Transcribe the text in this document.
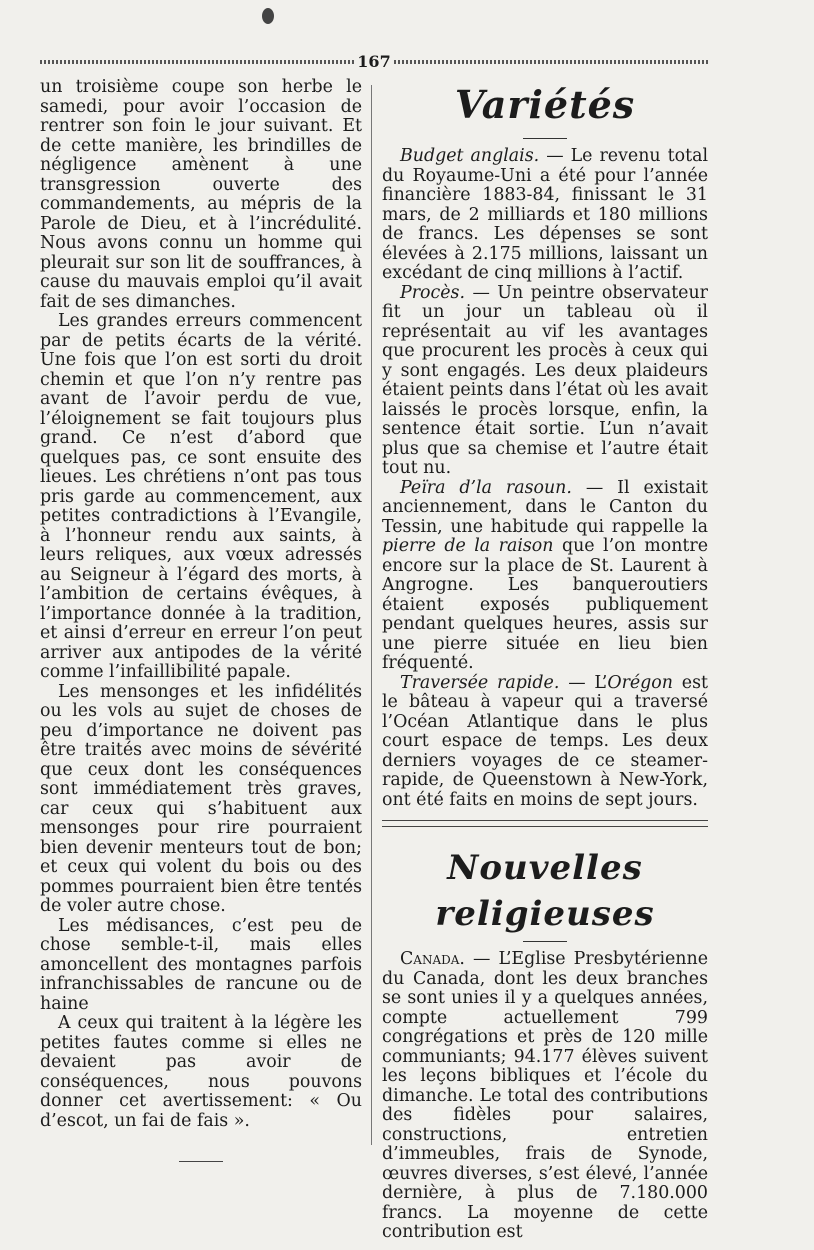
167

un troisième coupe son herbe le samedi, pour avoir l’occasion de rentrer son foin le jour suivant. Et de cette manière, les brindilles de négligence amènent à une transgression ouverte des commandements, au mépris de la Parole de Dieu, et à l’incrédulité. Nous avons connu un homme qui pleurait sur son lit de souffrances, à cause du mauvais emploi qu’il avait fait de ses dimanches.

Les grandes erreurs commencent par de petits écarts de la vérité. Une fois que l’on est sorti du droit chemin et que l’on n’y rentre pas avant de l’avoir perdu de vue, l’éloignement se fait toujours plus grand. Ce n’est d’abord que quelques pas, ce sont ensuite des lieues. Les chrétiens n’ont pas tous pris garde au commencement, aux petites contradictions à l’Evangile, à l’honneur rendu aux saints, à leurs reliques, aux vœux adressés au Seigneur à l’égard des morts, à l’ambition de certains évêques, à l’importance donnée à la tradition, et ainsi d’erreur en erreur l’on peut arriver aux antipodes de la vérité comme l’infaillibilité papale.

Les mensonges et les infidélités ou les vols au sujet de choses de peu d’importance ne doivent pas être traités avec moins de sévérité que ceux dont les conséquences sont immédiatement très graves, car ceux qui s’habituent aux mensonges pour rire pourraient bien devenir menteurs tout de bon; et ceux qui volent du bois ou des pommes pourraient bien être tentés de voler autre chose.

Les médisances, c’est peu de chose semble-t-il, mais elles amoncellent des montagnes parfois infranchissables de rancune ou de haine

A ceux qui traitent à la légère les petites fautes comme si elles ne devaient pas avoir de conséquences, nous pouvons donner cet avertissement: « Ou d’escot, un fai de fais ».

Variétés

Budget anglais. — Le revenu total du Royaume-Uni a été pour l’année financière 1883-84, finissant le 31 mars, de 2 milliards et 180 millions de francs. Les dépenses se sont élevées à 2.175 millions, laissant un excédant de cinq millions à l’actif.

Procès. — Un peintre observateur fit un jour un tableau où il représentait au vif les avantages que procurent les procès à ceux qui y sont engagés. Les deux plaideurs étaient peints dans l’état où les avait laissés le procès lorsque, enfin, la sentence était sortie. L’un n’avait plus que sa chemise et l’autre était tout nu.

Peïra d’la rasoun. — Il existait anciennement, dans le Canton du Tessin, une habitude qui rappelle la pierre de la raison que l’on montre encore sur la place de St. Laurent à Angrogne. Les banqueroutiers étaient exposés publiquement pendant quelques heures, assis sur une pierre située en lieu bien fréquenté.

Traversée rapide. — L’Orégon est le bâteau à vapeur qui a traversé l’Océan Atlantique dans le plus court espace de temps. Les deux derniers voyages de ce steamer-rapide, de Queenstown à New-York, ont été faits en moins de sept jours.

Nouvelles religieuses

Canada. — L’Eglise Presbytérienne du Canada, dont les deux branches se sont unies il y a quelques années, compte actuellement 799 congrégations et près de 120 mille communiants; 94.177 élèves suivent les leçons bibliques et l’école du dimanche. Le total des contributions des fidèles pour salaires, constructions, entretien d’immeubles, frais de Synode, œuvres diverses, s’est élevé, l’année dernière, à plus de 7.180.000 francs. La moyenne de cette contribution est
